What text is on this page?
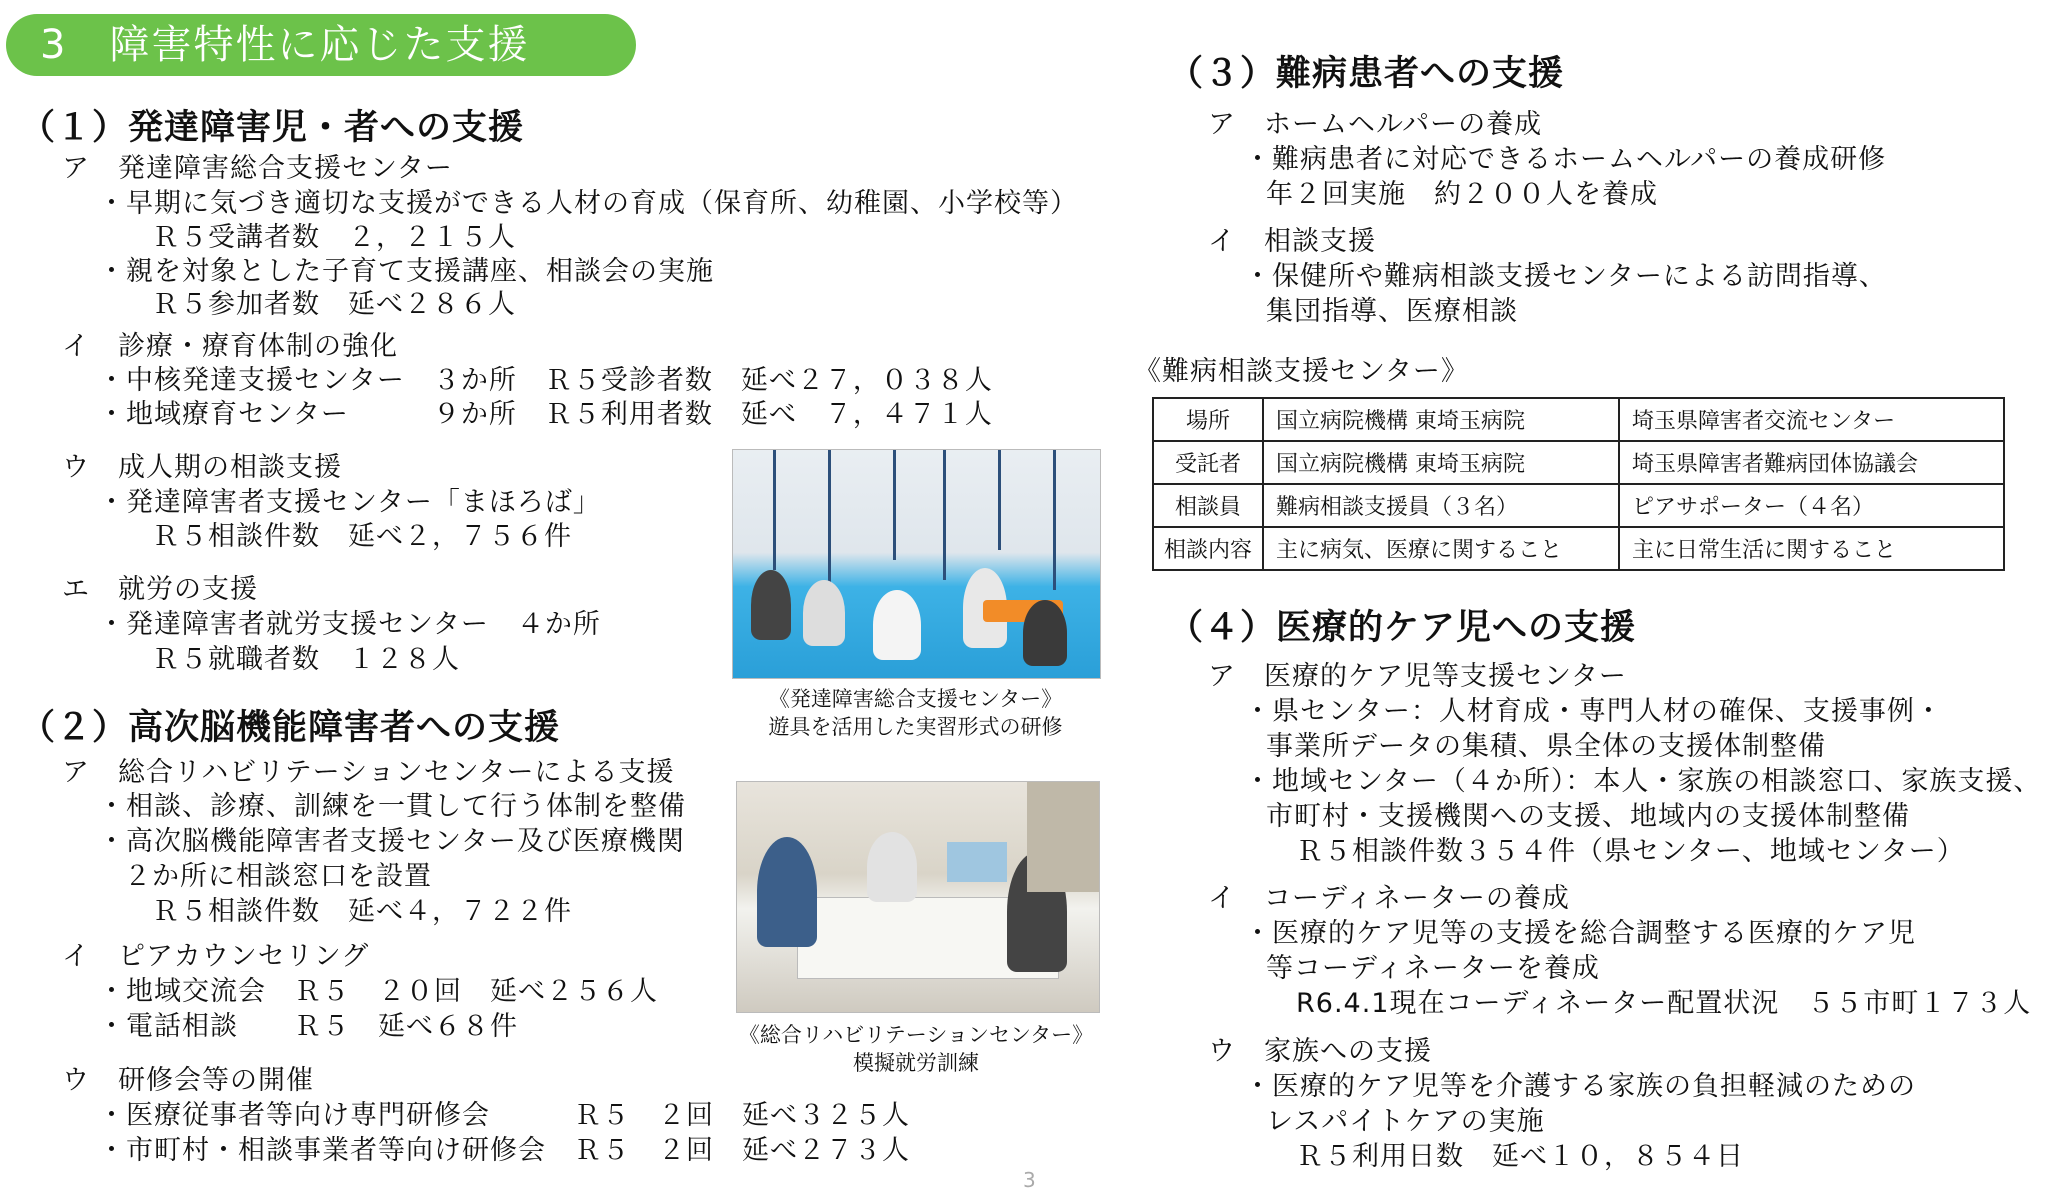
3　障害特性に応じた支援
（１）発達障害児・者への支援
ア　発達障害総合支援センター
・早期に気づき適切な支援ができる人材の育成（保育所、幼稚園、小学校等）
Ｒ５受講者数　２，２１５人
・親を対象とした子育て支援講座、相談会の実施
Ｒ５参加者数　延べ２８６人
イ　診療・療育体制の強化
・中核発達支援センター　３か所　Ｒ５受診者数　延べ２７，０３８人
・地域療育センター　　　９か所　Ｒ５利用者数　延べ　７，４７１人
ウ　成人期の相談支援
・発達障害者支援センター「まほろば」
Ｒ５相談件数　延べ２，７５６件
エ　就労の支援
・発達障害者就労支援センター　４か所
Ｒ５就職者数　１２８人
《発達障害総合支援センター》
遊具を活用した実習形式の研修
（２）高次脳機能障害者への支援
ア　総合リハビリテーションセンターによる支援
・相談、診療、訓練を一貫して行う体制を整備
・高次脳機能障害者支援センター及び医療機関
２か所に相談窓口を設置
Ｒ５相談件数　延べ４，７２２件
イ　ピアカウンセリング
・地域交流会　Ｒ５　２０回　延べ２５６人
・電話相談　　Ｒ５　延べ６８件
ウ　研修会等の開催
・医療従事者等向け専門研修会　　　Ｒ５　２回　延べ３２５人
・市町村・相談事業者等向け研修会　Ｒ５　２回　延べ２７３人
《総合リハビリテーションセンター》
模擬就労訓練
（３）難病患者への支援
ア　ホームヘルパーの養成
・難病患者に対応できるホームヘルパーの養成研修
年２回実施　約２００人を養成
イ　相談支援
・保健所や難病相談支援センターによる訪問指導、
集団指導、医療相談
《難病相談支援センター》
場所	国立病院機構 東埼玉病院	埼玉県障害者交流センター
受託者	国立病院機構 東埼玉病院	埼玉県障害者難病団体協議会
相談員	難病相談支援員（３名）	ピアサポーター（４名）
相談内容	主に病気、医療に関すること	主に日常生活に関すること
（４）医療的ケア児への支援
ア　医療的ケア児等支援センター
・県センター：人材育成・専門人材の確保、支援事例・
事業所データの集積、県全体の支援体制整備
・地域センター（４か所）：本人・家族の相談窓口、家族支援、
市町村・支援機関への支援、地域内の支援体制整備
Ｒ５相談件数３５４件（県センター、地域センター）
イ　コーディネーターの養成
・医療的ケア児等の支援を総合調整する医療的ケア児
等コーディネーターを養成
R6.4.1現在コーディネーター配置状況　５５市町１７３人
ウ　家族への支援
・医療的ケア児等を介護する家族の負担軽減のための
レスパイトケアの実施
Ｒ５利用日数　延べ１０，８５４日
3
